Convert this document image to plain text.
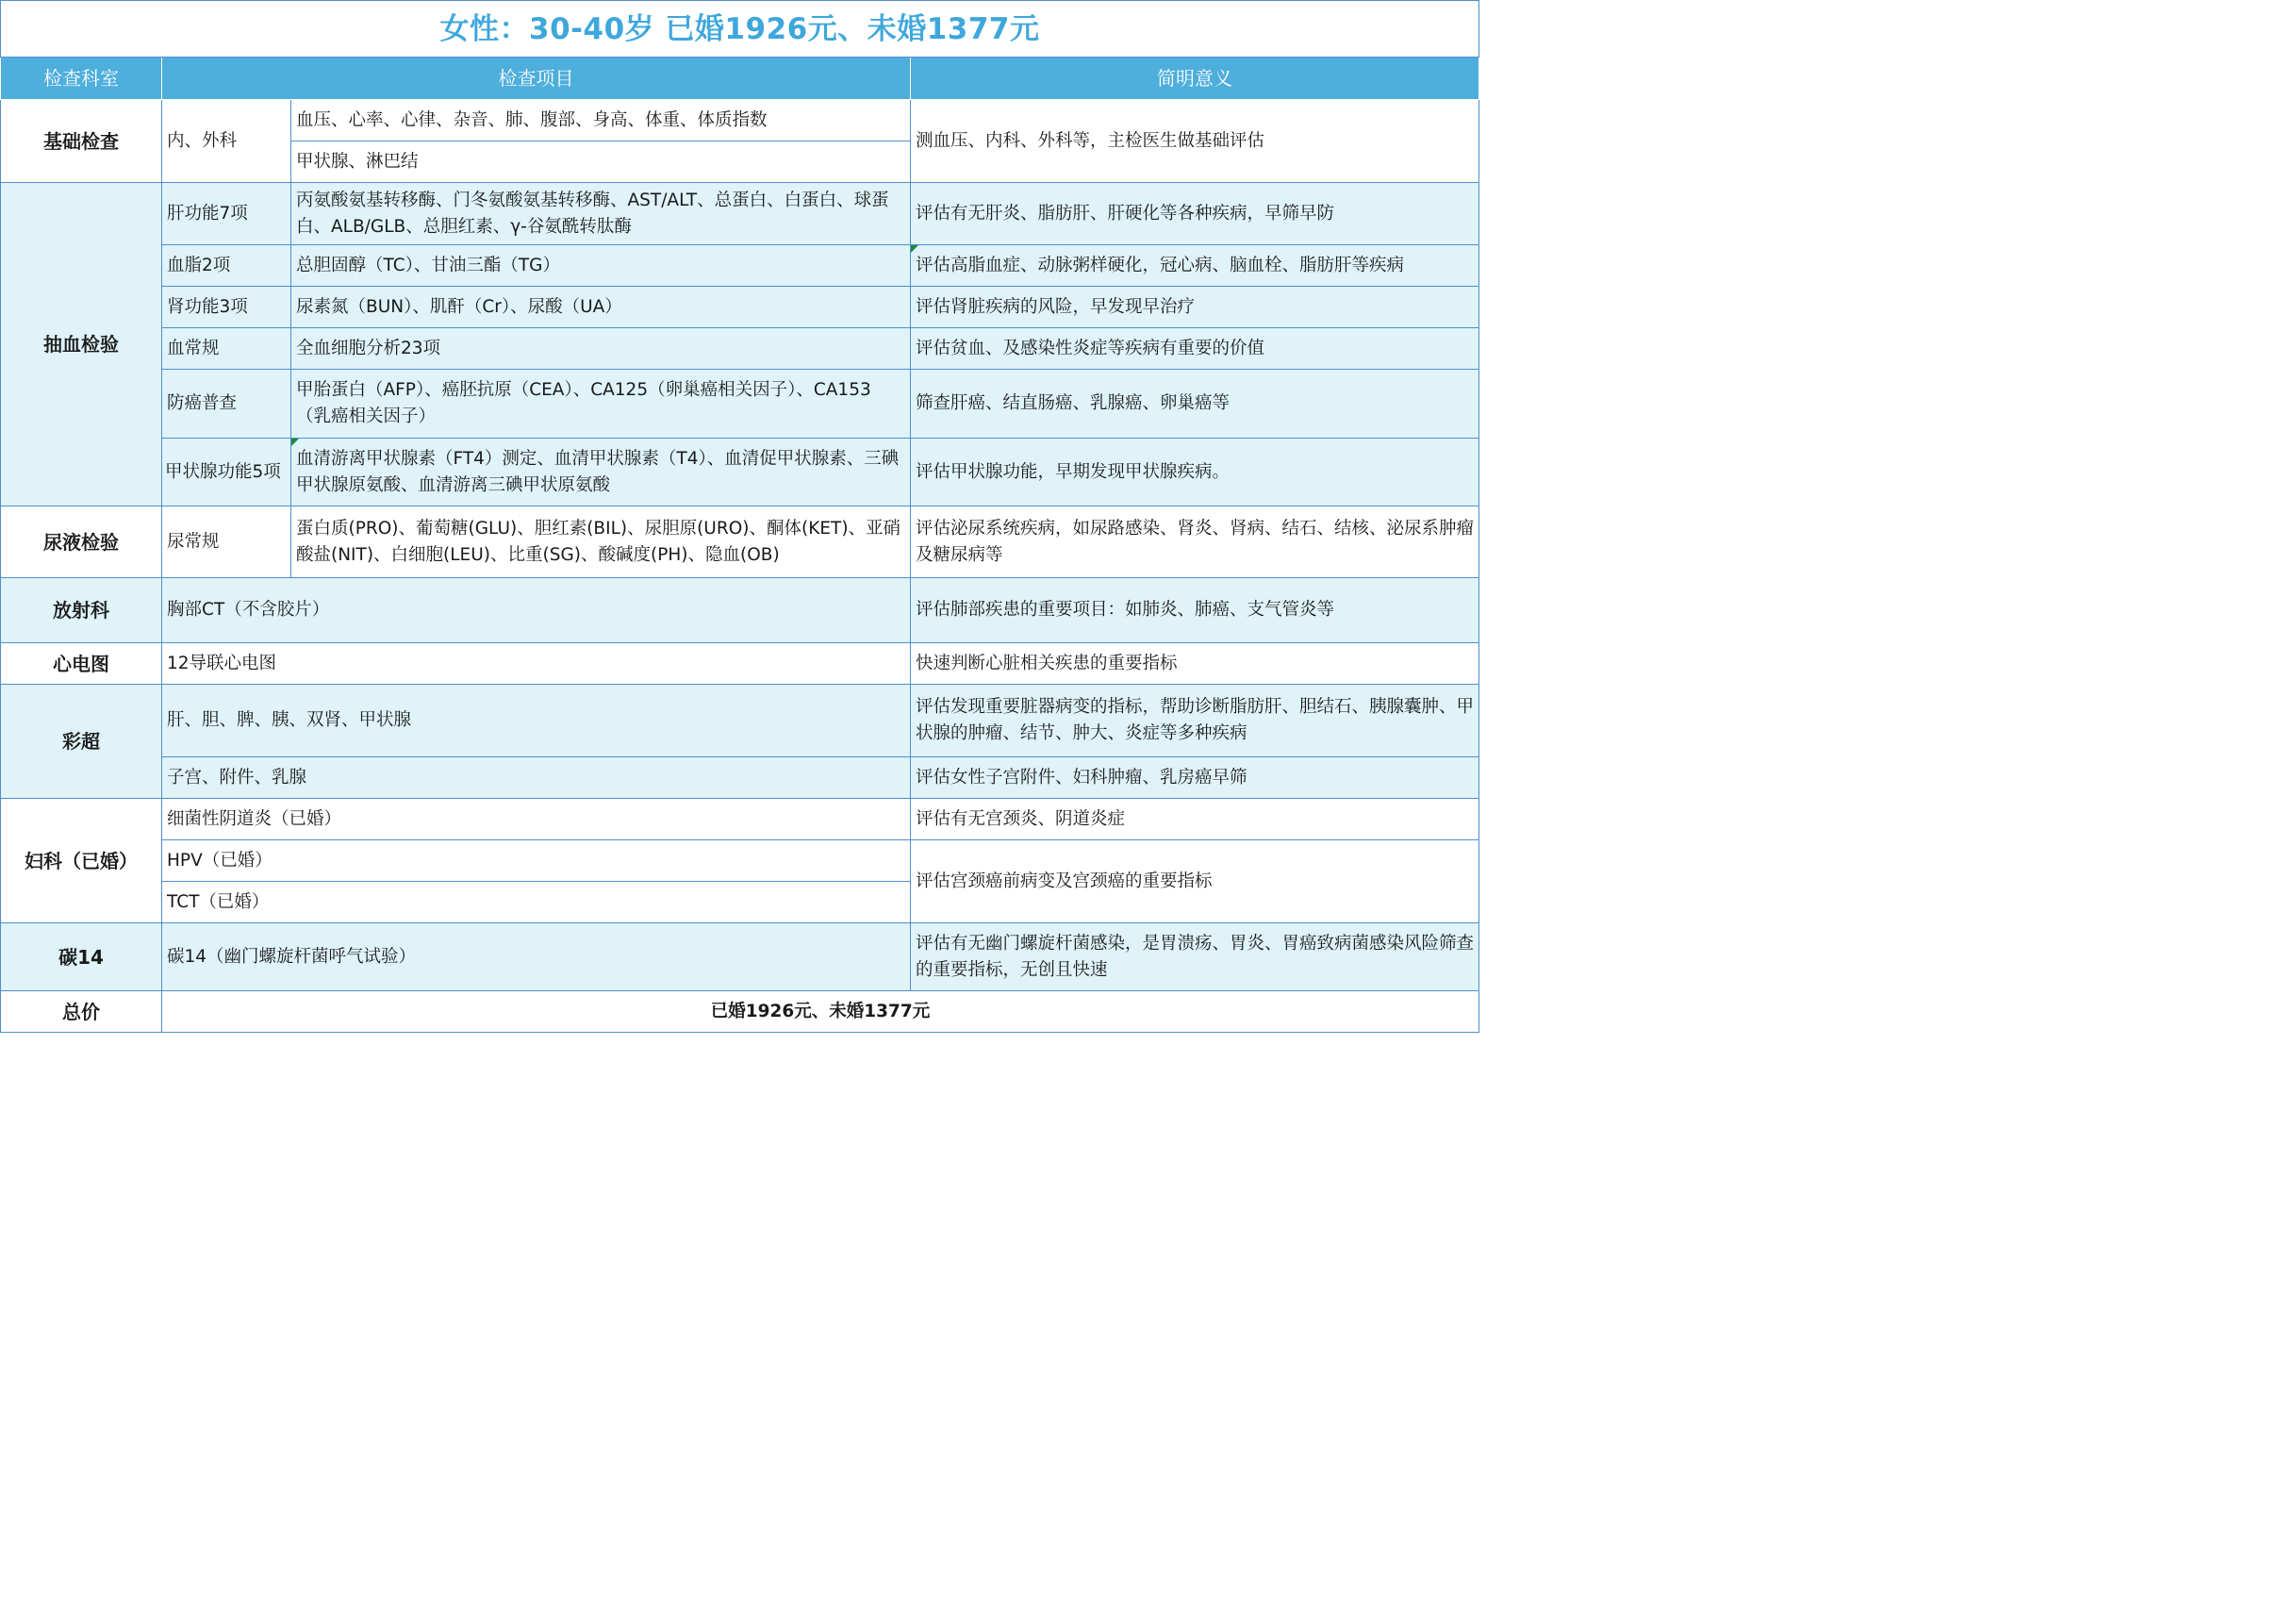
女性：30-40岁 已婚1926元、未婚1377元			
检查科室	检查项目		简明意义
基础检查	内、外科	血压、心率、心律、杂音、肺、腹部、身高、体重、体质指数	测血压、内科、外科等，主检医生做基础评估
		甲状腺、淋巴结	
抽血检验	肝功能7项	丙氨酸氨基转移酶、门冬氨酸氨基转移酶、AST/ALT、总蛋白、白蛋白、球蛋白、ALB/GLB、总胆红素、γ-谷氨酰转肽酶	评估有无肝炎、脂肪肝、肝硬化等各种疾病，早筛早防
	血脂2项	总胆固醇（TC）、甘油三酯（TG）	评估高脂血症、动脉粥样硬化，冠心病、脑血栓、脂肪肝等疾病
	肾功能3项	尿素氮（BUN）、肌酐（Cr）、尿酸（UA）	评估肾脏疾病的风险，早发现早治疗
	血常规	全血细胞分析23项	评估贫血、及感染性炎症等疾病有重要的价值
	防癌普查	甲胎蛋白（AFP）、癌胚抗原（CEA）、CA125（卵巢癌相关因子）、CA153（乳癌相关因子）	筛查肝癌、结直肠癌、乳腺癌、卵巢癌等
	甲状腺功能5项	血清游离甲状腺素（FT4）测定、血清甲状腺素（T4）、血清促甲状腺素、三碘甲状腺原氨酸、血清游离三碘甲状原氨酸	评估甲状腺功能，早期发现甲状腺疾病。
尿液检验	尿常规	蛋白质(PRO)、葡萄糖(GLU)、胆红素(BIL)、尿胆原(URO)、酮体(KET)、亚硝酸盐(NIT)、白细胞(LEU)、比重(SG)、酸碱度(PH)、隐血(OB)	评估泌尿系统疾病，如尿路感染、肾炎、肾病、结石、结核、泌尿系肿瘤及糖尿病等
放射科	胸部CT（不含胶片）		评估肺部疾患的重要项目：如肺炎、肺癌、支气管炎等
心电图	12导联心电图		快速判断心脏相关疾患的重要指标
彩超	肝、胆、脾、胰、双肾、甲状腺		评估发现重要脏器病变的指标，帮助诊断脂肪肝、胆结石、胰腺囊肿、甲状腺的肿瘤、结节、肿大、炎症等多种疾病
	子宫、附件、乳腺		评估女性子宫附件、妇科肿瘤、乳房癌早筛
妇科（已婚）	细菌性阴道炎（已婚）		评估有无宫颈炎、阴道炎症
	HPV（已婚）		评估宫颈癌前病变及宫颈癌的重要指标
	TCT（已婚）		
碳14	碳14（幽门螺旋杆菌呼气试验）		评估有无幽门螺旋杆菌感染，是胃溃疡、胃炎、胃癌致病菌感染风险筛查的重要指标，无创且快速
总价	已婚1926元、未婚1377元		
